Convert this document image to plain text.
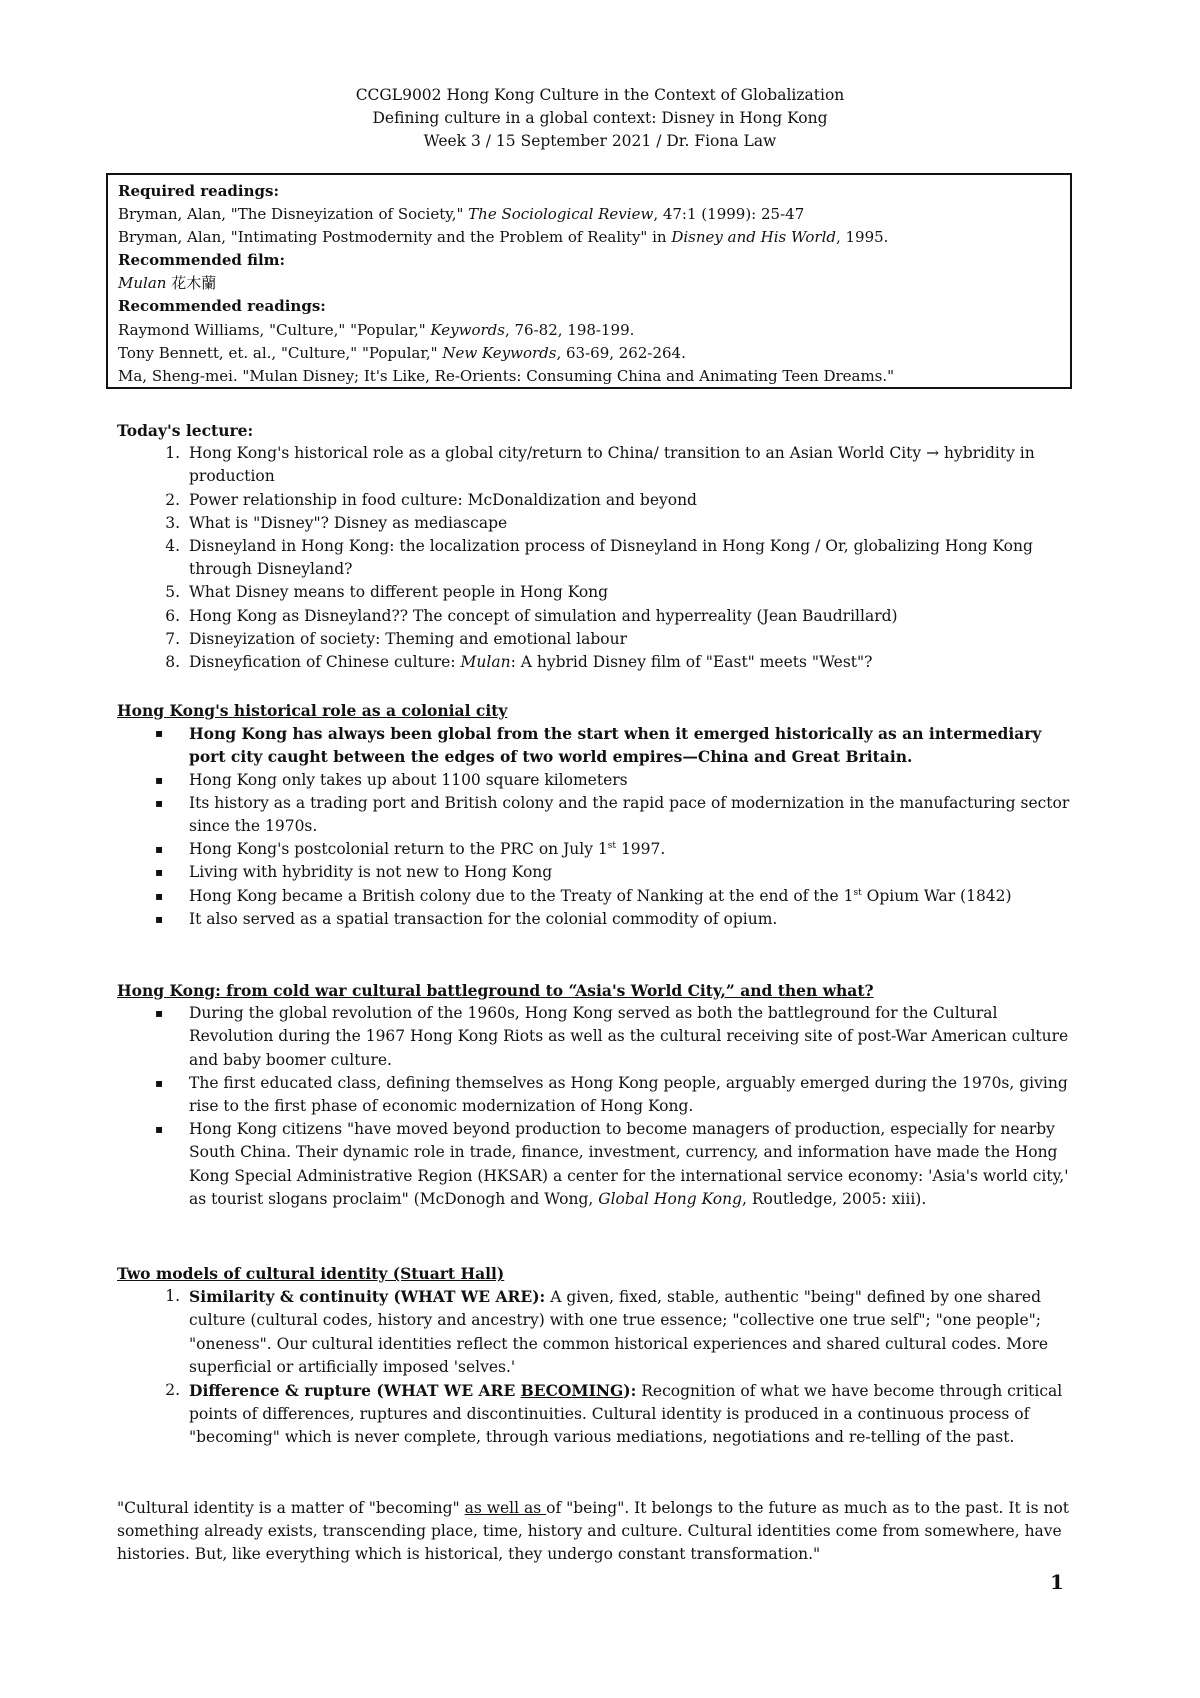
CCGL9002 Hong Kong Culture in the Context of Globalization
Defining culture in a global context: Disney in Hong Kong
Week 3 / 15 September 2021 / Dr. Fiona Law
Required readings:
Bryman, Alan, "The Disneyization of Society," The Sociological Review, 47:1 (1999): 25-47
Bryman, Alan, "Intimating Postmodernity and the Problem of Reality" in Disney and His World, 1995.
Recommended film:
Mulan 花木蘭
Recommended readings:
Raymond Williams, "Culture," "Popular," Keywords, 76-82, 198-199.
Tony Bennett, et. al., "Culture," "Popular," New Keywords, 63-69, 262-264.
Ma, Sheng-mei. "Mulan Disney; It's Like, Re-Orients: Consuming China and Animating Teen Dreams."
Today's lecture:
1. Hong Kong's historical role as a global city/return to China/ transition to an Asian World City → hybridity in production
2. Power relationship in food culture: McDonaldization and beyond
3. What is "Disney"? Disney as mediascape
4. Disneyland in Hong Kong: the localization process of Disneyland in Hong Kong / Or, globalizing Hong Kong through Disneyland?
5. What Disney means to different people in Hong Kong
6. Hong Kong as Disneyland?? The concept of simulation and hyperreality (Jean Baudrillard)
7. Disneyization of society: Theming and emotional labour
8. Disneyfication of Chinese culture: Mulan: A hybrid Disney film of "East" meets "West"?
Hong Kong's historical role as a colonial city
▪ Hong Kong has always been global from the start when it emerged historically as an intermediary port city caught between the edges of two world empires—China and Great Britain.
▪ Hong Kong only takes up about 1100 square kilometers
▪ Its history as a trading port and British colony and the rapid pace of modernization in the manufacturing sector since the 1970s.
▪ Hong Kong's postcolonial return to the PRC on July 1st 1997.
▪ Living with hybridity is not new to Hong Kong
▪ Hong Kong became a British colony due to the Treaty of Nanking at the end of the 1st Opium War (1842)
▪ It also served as a spatial transaction for the colonial commodity of opium.
Hong Kong: from cold war cultural battleground to “Asia's World City,” and then what?
▪ During the global revolution of the 1960s, Hong Kong served as both the battleground for the Cultural Revolution during the 1967 Hong Kong Riots as well as the cultural receiving site of post-War American culture and baby boomer culture.
▪ The first educated class, defining themselves as Hong Kong people, arguably emerged during the 1970s, giving rise to the first phase of economic modernization of Hong Kong.
▪ Hong Kong citizens "have moved beyond production to become managers of production, especially for nearby South China. Their dynamic role in trade, finance, investment, currency, and information have made the Hong Kong Special Administrative Region (HKSAR) a center for the international service economy: 'Asia's world city,' as tourist slogans proclaim" (McDonogh and Wong, Global Hong Kong, Routledge, 2005: xiii).
Two models of cultural identity (Stuart Hall)
1. Similarity & continuity (WHAT WE ARE): A given, fixed, stable, authentic "being" defined by one shared culture (cultural codes, history and ancestry) with one true essence; "collective one true self"; "one people"; "oneness". Our cultural identities reflect the common historical experiences and shared cultural codes. More superficial or artificially imposed 'selves.'
2. Difference & rupture (WHAT WE ARE BECOMING): Recognition of what we have become through critical points of differences, ruptures and discontinuities. Cultural identity is produced in a continuous process of "becoming" which is never complete, through various mediations, negotiations and re-telling of the past.
"Cultural identity is a matter of "becoming" as well as of "being". It belongs to the future as much as to the past. It is not something already exists, transcending place, time, history and culture. Cultural identities come from somewhere, have histories. But, like everything which is historical, they undergo constant transformation."
1
